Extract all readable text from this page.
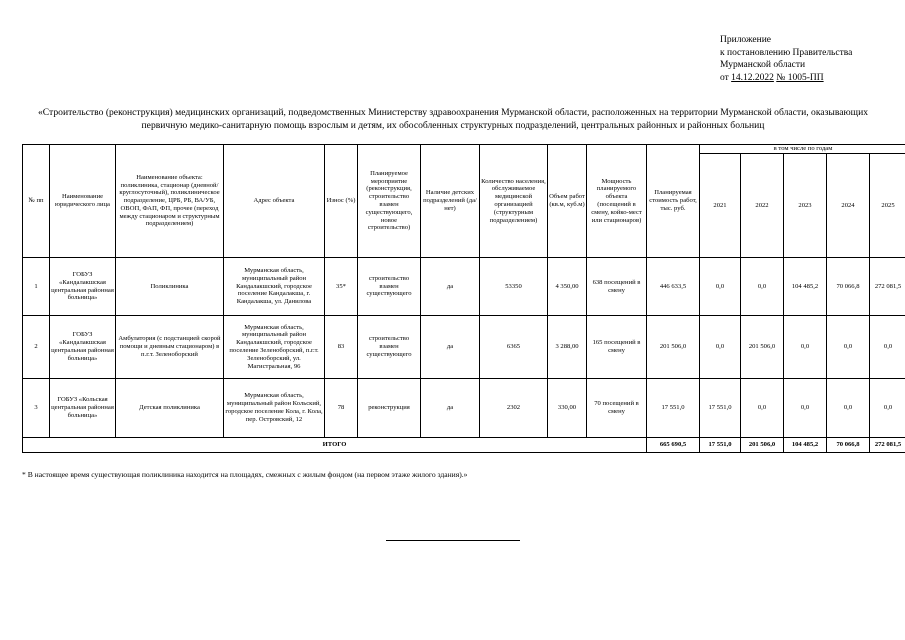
Приложение
к постановлению Правительства
Мурманской области
от 14.12.2022 № 1005-ПП
«Строительство (реконструкция) медицинских организаций, подведомственных Министерству здравоохранения Мурманской области, расположенных на территории Мурманской области, оказывающих первичную медико-санитарную помощь взрослым и детям, их обособленных структурных подразделений, центральных районных и районных больниц
№ пп	Наименование юридического лица	Наименование объекта: поликлиника, стационар (дневной/круглосуточный), поликлиническое подразделение, ЦРБ, РБ, ВА/УБ, ОВОП, ФАП, ФП, прочее (переход между стационаром и структурным подразделением)	Адрес объекта	Износ (%)	Планируемое мероприятие (реконструкция, строительство взамен существующего, новое строительство)	Наличие детских подразделений (да/нет)	Количество населения, обслуживаемое медицинской организацией (структурным подразделением)	Объем работ (кв.м, куб.м)	Мощность планируемого объекта (посещений в смену, койко-мест или стационаров)	Планируемая стоимость работ, тыс. руб.	в том числе по годам				
											2021	2022	2023	2024	2025
1	ГОБУЗ «Кандалакшская центральная районная больница»	Поликлиника	Мурманская область, муниципальный район Кандалакшский, городское поселение Кандалакша, г. Кандалакша, ул. Данилова	35*	строительство взамен существующего	да	53350	4 350,00	638 посещений в смену	446 633,5	0,0	0,0	104 485,2	70 066,8	272 081,5
2	ГОБУЗ «Кандалакшская центральная районная больница»	Амбулатория (с подстанцией скорой помощи и дневным стационаром) в п.г.т. Зеленоборский	Мурманская область, муниципальный район Кандалакшский, городское поселение Зеленоборский, п.г.т. Зеленоборский, ул. Магистральная, 96	83	строительство взамен существующего	да	6365	3 288,00	165 посещений в смену	201 506,0	0,0	201 506,0	0,0	0,0	0,0
3	ГОБУЗ «Кольская центральная районная больница»	Детская поликлиника	Мурманская область, муниципальный район Кольский, городское поселение Кола, г. Кола, пер. Островский, 12	78	реконструкция	да	2302	330,00	70 посещений в смену	17 551,0	17 551,0	0,0	0,0	0,0	0,0
ИТОГО										665 690,5	17 551,0	201 506,0	104 485,2	70 066,8	272 081,5
* В настоящее время существующая поликлиника находится на площадях, смежных с жилым фондом (на первом этаже жилого здания).»
